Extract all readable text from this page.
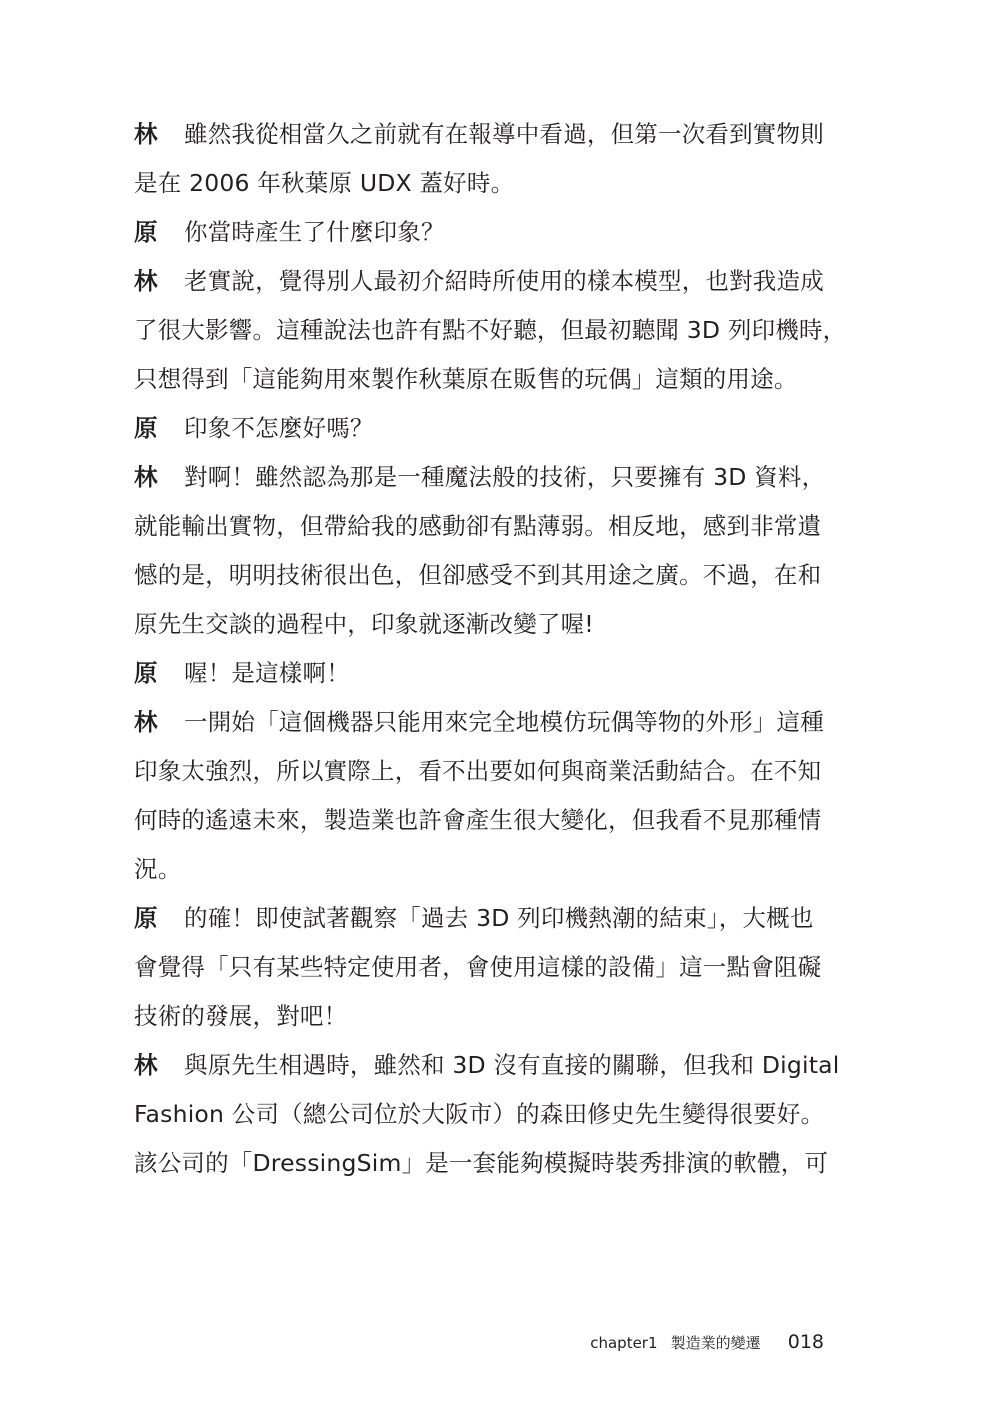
林 雖然我從相當久之前就有在報導中看過，但第一次看到實物則
是在 2006 年秋葉原 UDX 蓋好時。
原 你當時產生了什麼印象？
林 老實說，覺得別人最初介紹時所使用的樣本模型，也對我造成
了很大影響。這種說法也許有點不好聽，但最初聽聞 3D 列印機時，
只想得到「這能夠用來製作秋葉原在販售的玩偶」這類的用途。
原 印象不怎麼好嗎？
林 對啊！雖然認為那是一種魔法般的技術，只要擁有 3D 資料，
就能輸出實物，但帶給我的感動卻有點薄弱。相反地，感到非常遺
憾的是，明明技術很出色，但卻感受不到其用途之廣。不過，在和
原先生交談的過程中，印象就逐漸改變了喔!
原 喔！是這樣啊！
林 一開始「這個機器只能用來完全地模仿玩偶等物的外形」這種
印象太強烈，所以實際上，看不出要如何與商業活動結合。在不知
何時的遙遠未來，製造業也許會產生很大變化，但我看不見那種情
況。
原 的確！即使試著觀察「過去 3D 列印機熱潮的結束」，大概也
會覺得「只有某些特定使用者，會使用這樣的設備」這一點會阻礙
技術的發展，對吧！
林 與原先生相遇時，雖然和 3D 沒有直接的關聯，但我和 Digital
Fashion 公司（總公司位於大阪市）的森田修史先生變得很要好。
該公司的「DressingSim」是一套能夠模擬時裝秀排演的軟體，可
chapter1 製造業的變遷 018
